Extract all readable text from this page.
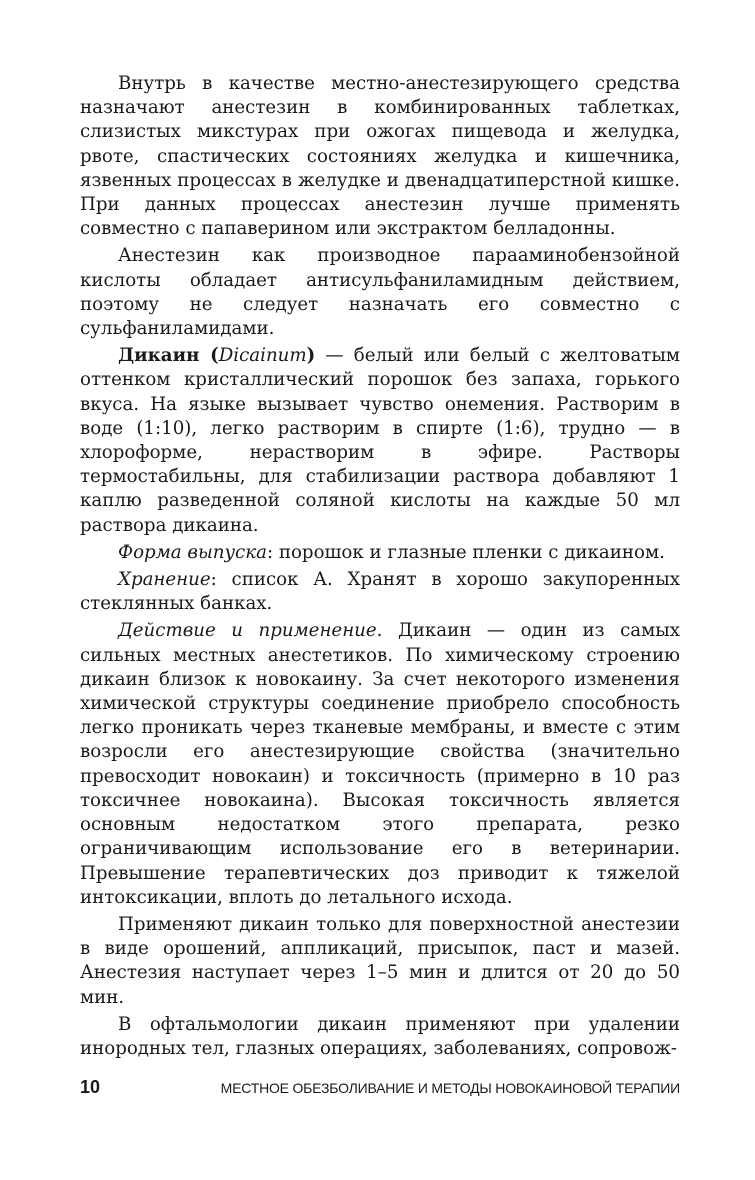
Внутрь в качестве местно-анестезирующего средства назначают анестезин в комбинированных таблетках, слизистых микстурах при ожогах пищевода и желудка, рвоте, спастических состояниях желудка и кишечника, язвенных процессах в желудке и двенадцатиперстной кишке. При данных процессах анестезин лучше применять совместно с папаверином или экстрактом белладонны.

Анестезин как производное парааминобензойной кислоты обладает антисульфаниламидным действием, поэтому не следует назначать его совместно с сульфаниламидами.

Дикаин (Dicainum) — белый или белый с желтоватым оттенком кристаллический порошок без запаха, горького вкуса. На языке вызывает чувство онемения. Растворим в воде (1:10), легко растворим в спирте (1:6), трудно — в хлороформе, нерастворим в эфире. Растворы термостабильны, для стабилизации раствора добавляют 1 каплю разведенной соляной кислоты на каждые 50 мл раствора дикаина.

Форма выпуска: порошок и глазные пленки с дикаином.

Хранение: список А. Хранят в хорошо закупоренных стеклянных банках.

Действие и применение. Дикаин — один из самых сильных местных анестетиков. По химическому строению дикаин близок к новокаину. За счет некоторого изменения химической структуры соединение приобрело способность легко проникать через тканевые мембраны, и вместе с этим возросли его анестезирующие свойства (значительно превосходит новокаин) и токсичность (примерно в 10 раз токсичнее новокаина). Высокая токсичность является основным недостатком этого препарата, резко ограничивающим использование его в ветеринарии. Превышение терапевтических доз приводит к тяжелой интоксикации, вплоть до летального исхода.

Применяют дикаин только для поверхностной анестезии в виде орошений, аппликаций, присыпок, паст и мазей. Анестезия наступает через 1–5 мин и длится от 20 до 50 мин.

В офтальмологии дикаин применяют при удалении инородных тел, глазных операциях, заболеваниях, сопровож-

10	МЕСТНОЕ ОБЕЗБОЛИВАНИЕ И МЕТОДЫ НОВОКАИНОВОЙ ТЕРАПИИ
